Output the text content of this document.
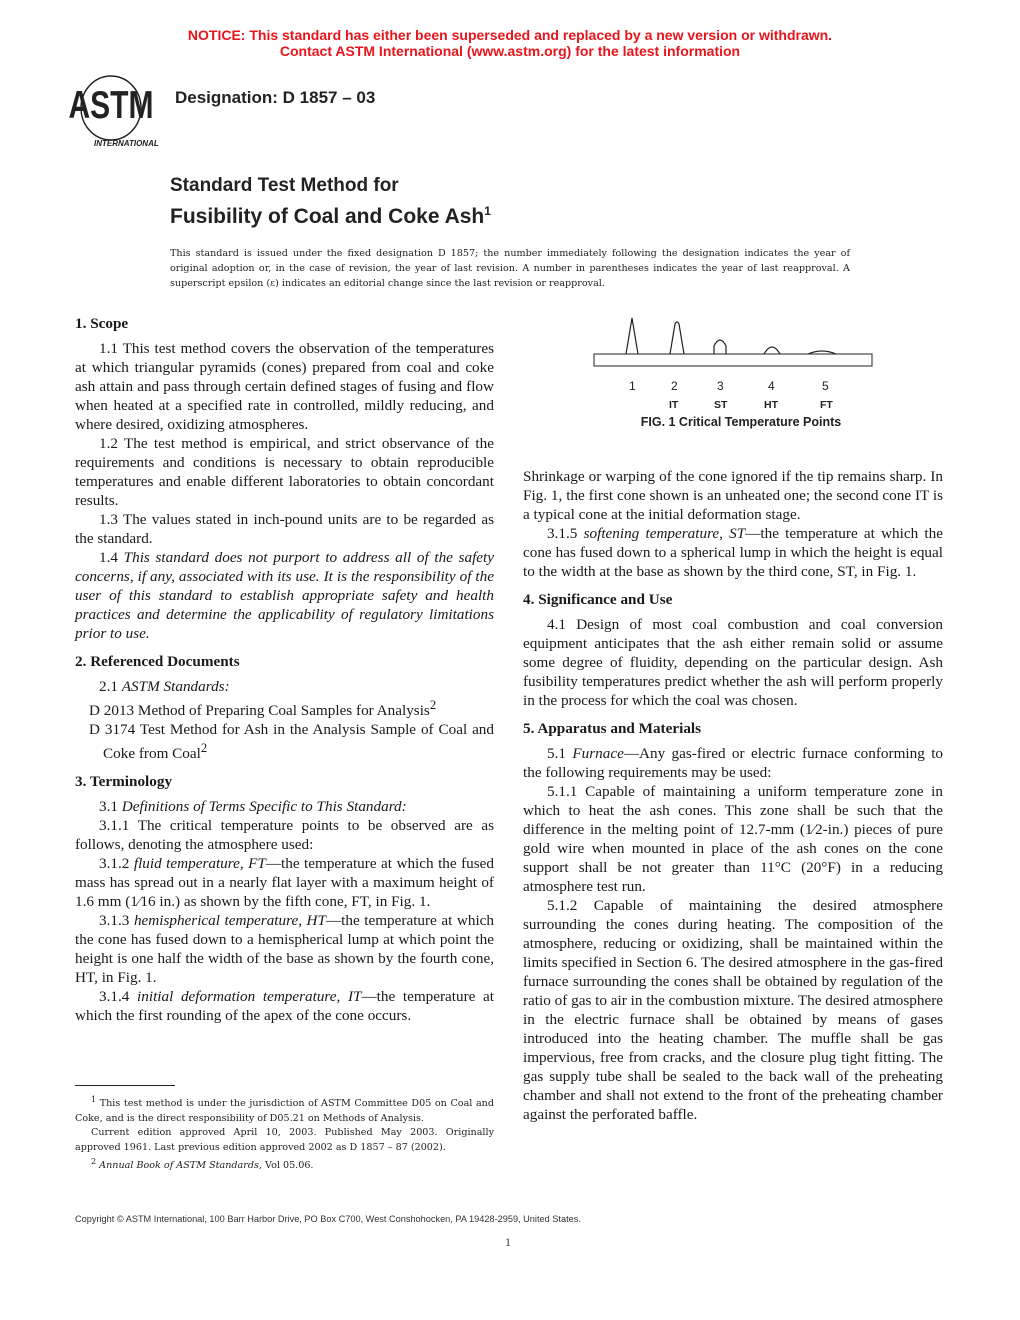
NOTICE: This standard has either been superseded and replaced by a new version or withdrawn.
Contact ASTM International (www.astm.org) for the latest information
ASTM
INTERNATIONAL
Designation: D 1857 – 03
Standard Test Method for
Fusibility of Coal and Coke Ash$^1$
This standard is issued under the fixed designation D 1857; the number immediately following the designation indicates the year of original adoption or, in the case of revision, the year of last revision. A number in parentheses indicates the year of last reapproval. A superscript epsilon (ε) indicates an editorial change since the last revision or reapproval.
1. Scope

1.1 This test method covers the observation of the temperatures at which triangular pyramids (cones) prepared from coal and coke ash attain and pass through certain defined stages of fusing and flow when heated at a specified rate in controlled, mildly reducing, and where desired, oxidizing atmospheres.

1.2 The test method is empirical, and strict observance of the requirements and conditions is necessary to obtain reproducible temperatures and enable different laboratories to obtain concordant results.

1.3 The values stated in inch-pound units are to be regarded as the standard.

1.4 This standard does not purport to address all of the safety concerns, if any, associated with its use. It is the responsibility of the user of this standard to establish appropriate safety and health practices and determine the applicability of regulatory limitations prior to use.

2. Referenced Documents

2.1 ASTM Standards:

D 2013 Method of Preparing Coal Samples for Analysis$^2$

D 3174 Test Method for Ash in the Analysis Sample of Coal and Coke from Coal$^2$

3. Terminology

3.1 Definitions of Terms Specific to This Standard:

3.1.1 The critical temperature points to be observed are as follows, denoting the atmosphere used:

3.1.2 fluid temperature, FT—the temperature at which the fused mass has spread out in a nearly flat layer with a maximum height of 1.6 mm (1⁄16 in.) as shown by the fifth cone, FT, in Fig. 1.

3.1.3 hemispherical temperature, HT—the temperature at which the cone has fused down to a hemispherical lump at which point the height is one half the width of the base as shown by the fourth cone, HT, in Fig. 1.

3.1.4 initial deformation temperature, IT—the temperature at which the first rounding of the apex of the cone occurs.

1	2	3	4	5
IT	ST	HT	FT
FIG. 1 Critical Temperature Points

Shrinkage or warping of the cone ignored if the tip remains sharp. In Fig. 1, the first cone shown is an unheated one; the second cone IT is a typical cone at the initial deformation stage.

3.1.5 softening temperature, ST—the temperature at which the cone has fused down to a spherical lump in which the height is equal to the width at the base as shown by the third cone, ST, in Fig. 1.

4. Significance and Use

4.1 Design of most coal combustion and coal conversion equipment anticipates that the ash either remain solid or assume some degree of fluidity, depending on the particular design. Ash fusibility temperatures predict whether the ash will perform properly in the process for which the coal was chosen.

5. Apparatus and Materials

5.1 Furnace—Any gas-fired or electric furnace conforming to the following requirements may be used:

5.1.1 Capable of maintaining a uniform temperature zone in which to heat the ash cones. This zone shall be such that the difference in the melting point of 12.7-mm (1⁄2-in.) pieces of pure gold wire when mounted in place of the ash cones on the cone support shall be not greater than 11°C (20°F) in a reducing atmosphere test run.

5.1.2 Capable of maintaining the desired atmosphere surrounding the cones during heating. The composition of the atmosphere, reducing or oxidizing, shall be maintained within the limits specified in Section 6. The desired atmosphere in the gas-fired furnace surrounding the cones shall be obtained by regulation of the ratio of gas to air in the combustion mixture. The desired atmosphere in the electric furnace shall be obtained by means of gases introduced into the heating chamber. The muffle shall be gas impervious, free from cracks, and the closure plug tight fitting. The gas supply tube shall be sealed to the back wall of the preheating chamber and shall not extend to the front of the preheating chamber against the perforated baffle.

$^1$ This test method is under the jurisdiction of ASTM Committee D05 on Coal and Coke, and is the direct responsibility of D05.21 on Methods of Analysis.

Current edition approved April 10, 2003. Published May 2003. Originally approved 1961. Last previous edition approved 2002 as D 1857 – 87 (2002).

$^2$ Annual Book of ASTM Standards, Vol 05.06.

Copyright © ASTM International, 100 Barr Harbor Drive, PO Box C700, West Conshohocken, PA 19428-2959, United States.
1
